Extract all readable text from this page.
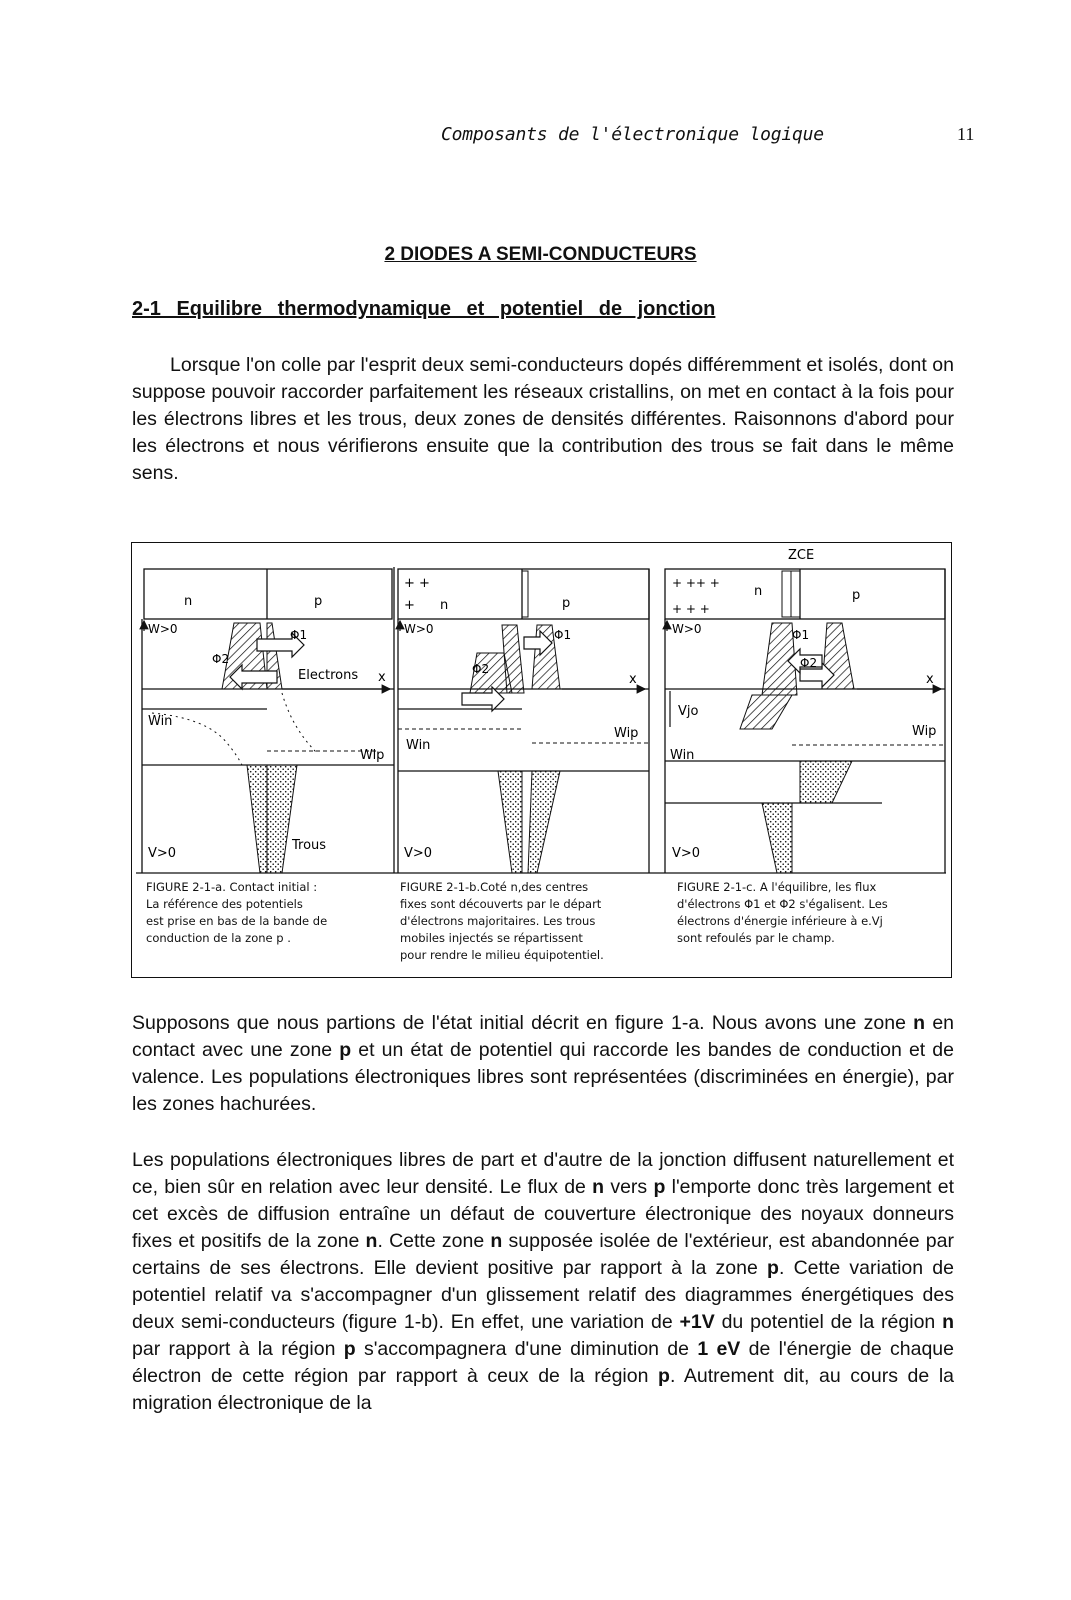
Composants de l'électronique logique	11
2 DIODES A SEMI-CONDUCTEURS
2-1 Equilibre thermodynamique et potentiel de jonction
Lorsque l'on colle par l'esprit deux semi-conducteurs dopés différemment et isolés, dont on suppose pouvoir raccorder parfaitement les réseaux cristallins, on met en contact à la fois pour les électrons libres et les trous, deux zones de densités différentes. Raisonnons d'abord pour les électrons et nous vérifierons ensuite que la contribution des trous se fait dans le même sens.
n	p
W>0	Φ1
Φ2
Electrons x
Win
Wip
Trous
V>0
+ +
+ n	p
W>0	Φ1
Φ2
x
Win
Wip
V>0
ZCE
+ ++ +
+ + +
n	p
W>0	Φ1
Φ2
x
Vjo
Wip
Win
V>0
FIGURE 2-1-a. Contact initial :
La référence des potentiels
est prise en bas de la bande de
conduction de la zone p .
FIGURE 2-1-b.Coté n,des centres
fixes sont découverts par le départ
d'électrons majoritaires. Les trous
mobiles injectés se répartissent
pour rendre le milieu équipotentiel.
FIGURE 2-1-c. A l'équilibre, les flux
d'électrons Φ1 et Φ2 s'égalisent. Les
électrons d'énergie inférieure à e.Vj
sont refoulés par le champ.
Supposons que nous partions de l'état initial décrit en figure 1-a. Nous avons une zone n en contact avec une zone p et un état de potentiel qui raccorde les bandes de conduction et de valence. Les populations électroniques libres sont représentées (discriminées en énergie), par les zones hachurées.
Les populations électroniques libres de part et d'autre de la jonction diffusent naturellement et ce, bien sûr en relation avec leur densité. Le flux de n vers p l'emporte donc très largement et cet excès de diffusion entraîne un défaut de couverture électronique des noyaux donneurs fixes et positifs de la zone n. Cette zone n supposée isolée de l'extérieur, est abandonnée par certains de ses électrons. Elle devient positive par rapport à la zone p. Cette variation de potentiel relatif va s'accompagner d'un glissement relatif des diagrammes énergétiques des deux semi-conducteurs (figure 1-b). En effet, une variation de +1V du potentiel de la région n par rapport à la région p s'accompagnera d'une diminution de 1 eV de l'énergie de chaque électron de cette région par rapport à ceux de la région p. Autrement dit, au cours de la migration électronique de la
